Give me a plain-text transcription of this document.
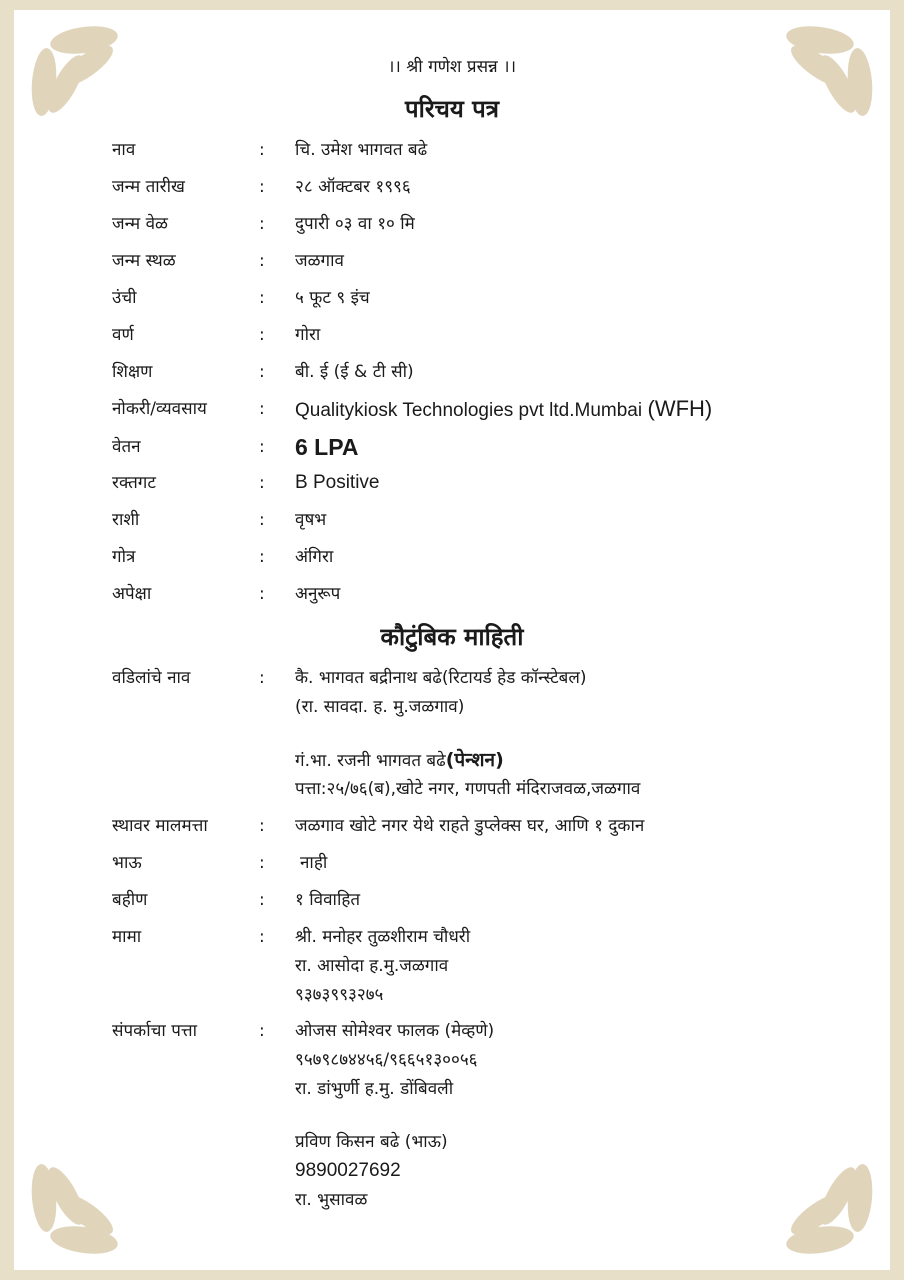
।। श्री गणेश प्रसन्न ।।
परिचय पत्र
नाव	: चि. उमेश भागवत बढे
जन्म तारीख	: २८ ऑक्टबर १९९६
जन्म वेळ	: दुपारी ०३ वा १० मि
जन्म स्थळ	: जळगाव
उंची	: ५ फूट ९ इंच
वर्ण	: गोरा
शिक्षण	: बी. ई (ई & टी सी)
नोकरी/व्यवसाय	: Qualitykiosk Technologies pvt ltd.Mumbai (WFH)
वेतन	: 6 LPA
रक्तगट	: B Positive
राशी	: वृषभ
गोत्र	: अंगिरा
अपेक्षा	: अनुरूप
कौटुंबिक माहिती
वडिलांचे नाव	: कै. भागवत बद्रीनाथ बढे(रिटायर्ड हेड कॉन्स्टेबल)
(रा. सावदा. ह. मु.जळगाव)
गं.भा. रजनी भागवत बढे(पेन्शन)
पत्ता:२५/७६(ब),खोटे नगर, गणपती मंदिराजवळ,जळगाव
स्थावर मालमत्ता	: जळगाव खोटे नगर येथे राहते डुप्लेक्स घर, आणि १ दुकान
भाऊ	: नाही
बहीण	: १ विवाहित
मामा	: श्री. मनोहर तुळशीराम चौधरी
रा. आसोदा ह.मु.जळगाव
९३७३९९३२७५
संपर्काचा पत्ता	: ओजस सोमेश्वर फालक (मेव्हणे)
९५७९८७४४५६/९६६५१३००५६
रा. डांभुर्णी ह.मु. डोंबिवली
प्रविण किसन बढे (भाऊ)
9890027692
रा. भुसावळ
